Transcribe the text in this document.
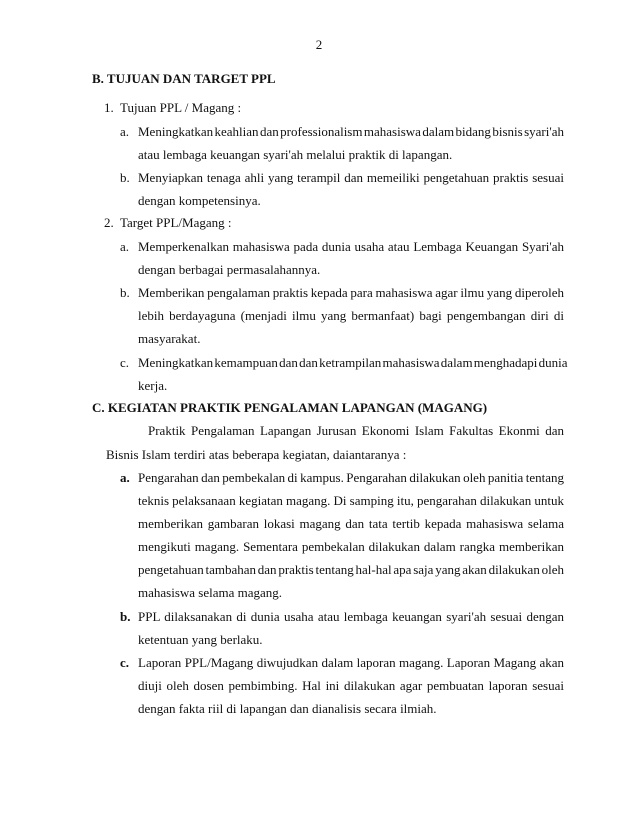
2
B. TUJUAN DAN TARGET PPL
1. Tujuan PPL / Magang :
a. Meningkatkan keahlian dan professionalism mahasiswa dalam bidang bisnis syari'ah
atau lembaga keuangan syari'ah melalui praktik di lapangan.
b. Menyiapkan tenaga ahli yang terampil dan memeiliki pengetahuan praktis sesuai
dengan kompetensinya.
2. Target PPL/Magang :
a. Memperkenalkan mahasiswa pada dunia usaha atau Lembaga Keuangan Syari'ah
dengan berbagai permasalahannya.
b. Memberikan pengalaman praktis kepada para mahasiswa agar ilmu yang diperoleh
lebih berdayaguna (menjadi ilmu yang bermanfaat) bagi pengembangan diri di
masyarakat.
c. Meningkatkan kemampuan dan dan ketrampilan mahasiswa dalam menghadapi dunia
kerja.
C. KEGIATAN PRAKTIK PENGALAMAN LAPANGAN (MAGANG)
Praktik Pengalaman Lapangan Jurusan Ekonomi Islam Fakultas Ekonmi dan
Bisnis Islam terdiri atas beberapa kegiatan, daiantaranya :
a. Pengarahan dan pembekalan di kampus. Pengarahan dilakukan oleh panitia tentang
teknis pelaksanaan kegiatan magang. Di samping itu, pengarahan dilakukan untuk
memberikan gambaran lokasi magang dan tata tertib kepada mahasiswa selama
mengikuti magang. Sementara pembekalan dilakukan dalam rangka memberikan
pengetahuan tambahan dan praktis tentang hal-hal apa saja yang akan dilakukan oleh
mahasiswa selama magang.
b. PPL dilaksanakan di dunia usaha atau lembaga keuangan syari'ah sesuai dengan
ketentuan yang berlaku.
c. Laporan PPL/Magang diwujudkan dalam laporan magang. Laporan Magang akan
diuji oleh dosen pembimbing. Hal ini dilakukan agar pembuatan laporan sesuai
dengan fakta riil di lapangan dan dianalisis secara ilmiah.
